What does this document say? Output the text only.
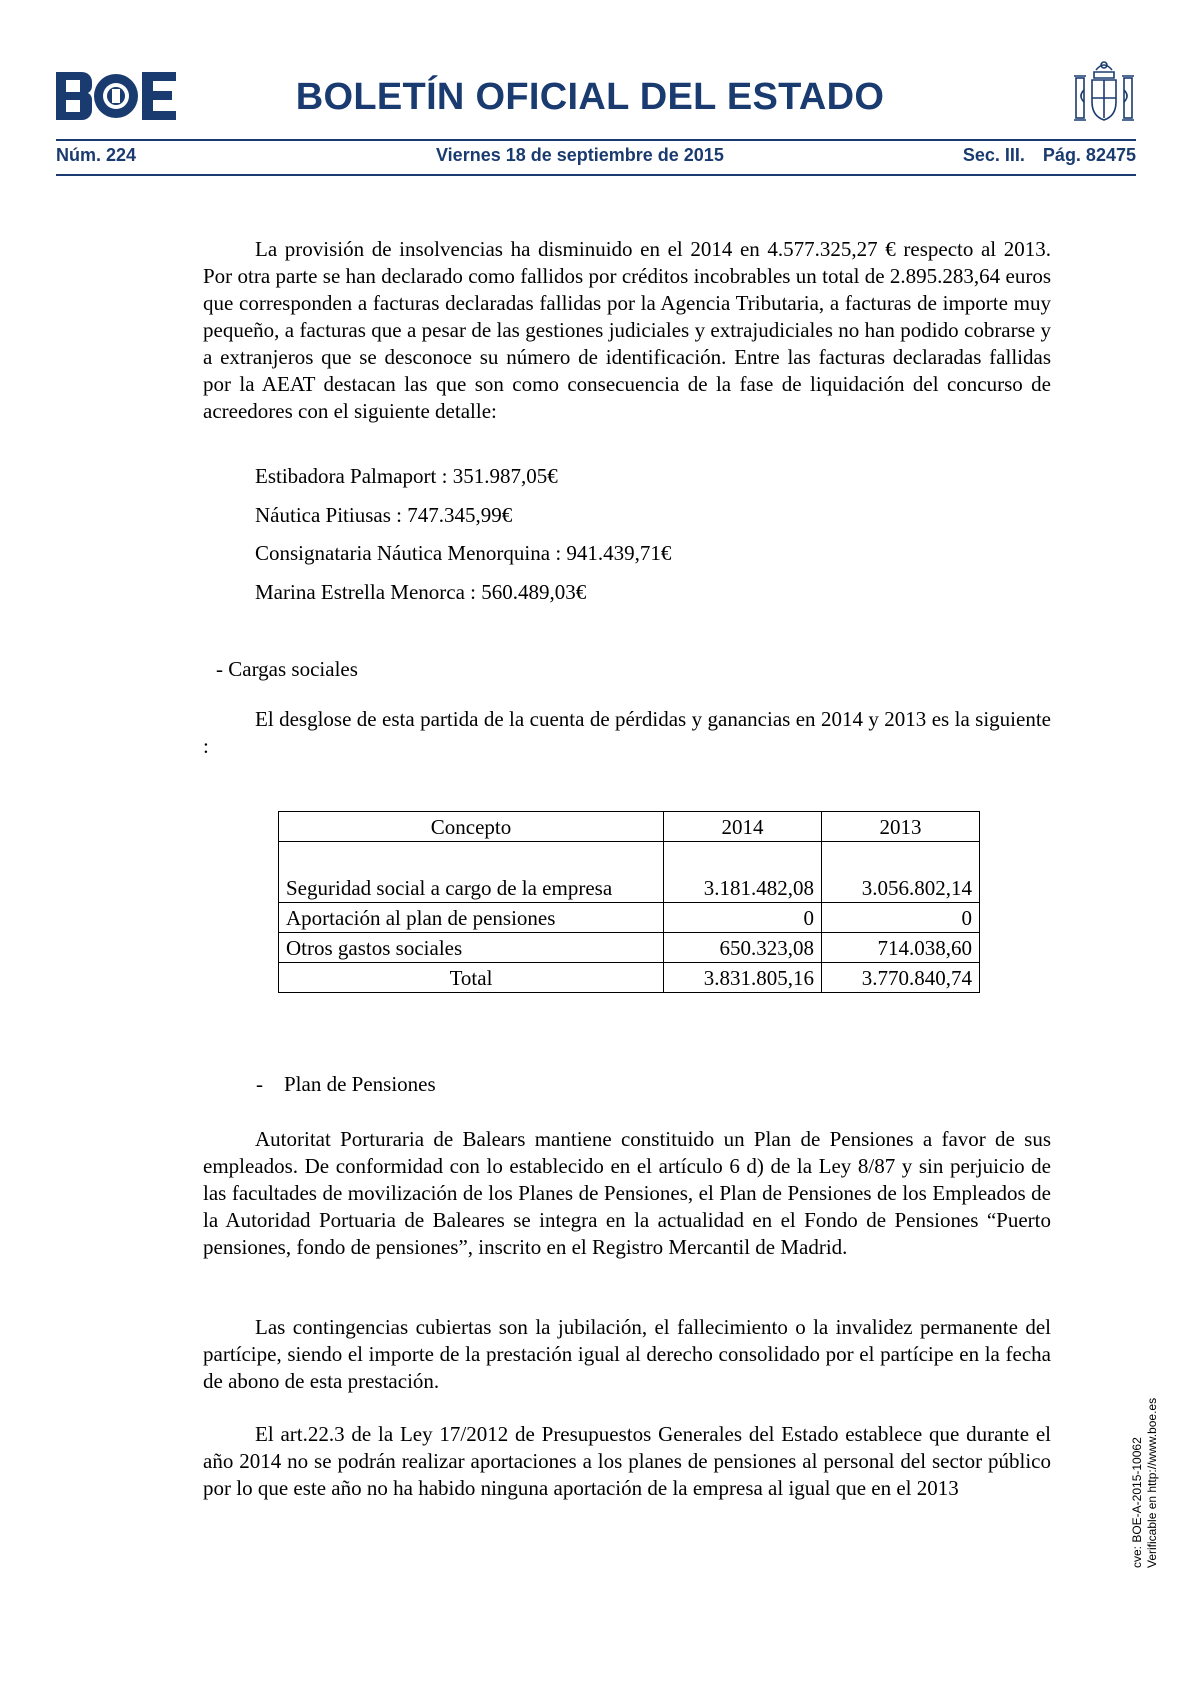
BOLETÍN OFICIAL DEL ESTADO
Núm. 224	Viernes 18 de septiembre de 2015	Sec. III. Pág. 82475

La provisión de insolvencias ha disminuido en el 2014 en 4.577.325,27 € respecto al 2013. Por otra parte se han declarado como fallidos por créditos incobrables un total de 2.895.283,64 euros que corresponden a facturas declaradas fallidas por la Agencia Tributaria, a facturas de importe muy pequeño, a facturas que a pesar de las gestiones judiciales y extrajudiciales no han podido cobrarse y a extranjeros que se desconoce su número de identificación. Entre las facturas declaradas fallidas por la AEAT destacan las que son como consecuencia de la fase de liquidación del concurso de acreedores con el siguiente detalle:

Estibadora Palmaport : 351.987,05€
Náutica Pitiusas : 747.345,99€
Consignataria Náutica Menorquina : 941.439,71€
Marina Estrella Menorca : 560.489,03€
- Cargas sociales

El desglose de esta partida de la cuenta de pérdidas y ganancias en 2014 y 2013 es la siguiente :

Concepto	2014	2013
Seguridad social a cargo de la empresa	3.181.482,08	3.056.802,14
Aportación al plan de pensiones	0	0
Otros gastos sociales	650.323,08	714.038,60
Total	3.831.805,16	3.770.840,74
-    Plan de Pensiones

Autoritat Porturaria de Balears mantiene constituido un Plan de Pensiones a favor de sus empleados. De conformidad con lo establecido en el artículo 6 d) de la Ley 8/87 y sin perjuicio de las facultades de movilización de los Planes de Pensiones, el Plan de Pensiones de los Empleados de la Autoridad Portuaria de Baleares se integra en la actualidad en el Fondo de Pensiones “Puerto pensiones, fondo de pensiones”, inscrito en el Registro Mercantil de Madrid.

Las contingencias cubiertas son la jubilación, el fallecimiento o la invalidez permanente del partícipe, siendo el importe de la prestación igual al derecho consolidado por el partícipe en la fecha de abono de esta prestación.

El art.22.3 de la Ley 17/2012 de Presupuestos Generales del Estado establece que durante el año 2014 no se podrán realizar aportaciones a los planes de pensiones al personal del sector público por lo que este año no ha habido ninguna aportación de la empresa al igual que en el 2013	cve: BOE-A-2015-10062 Verificable en http://www.boe.es
